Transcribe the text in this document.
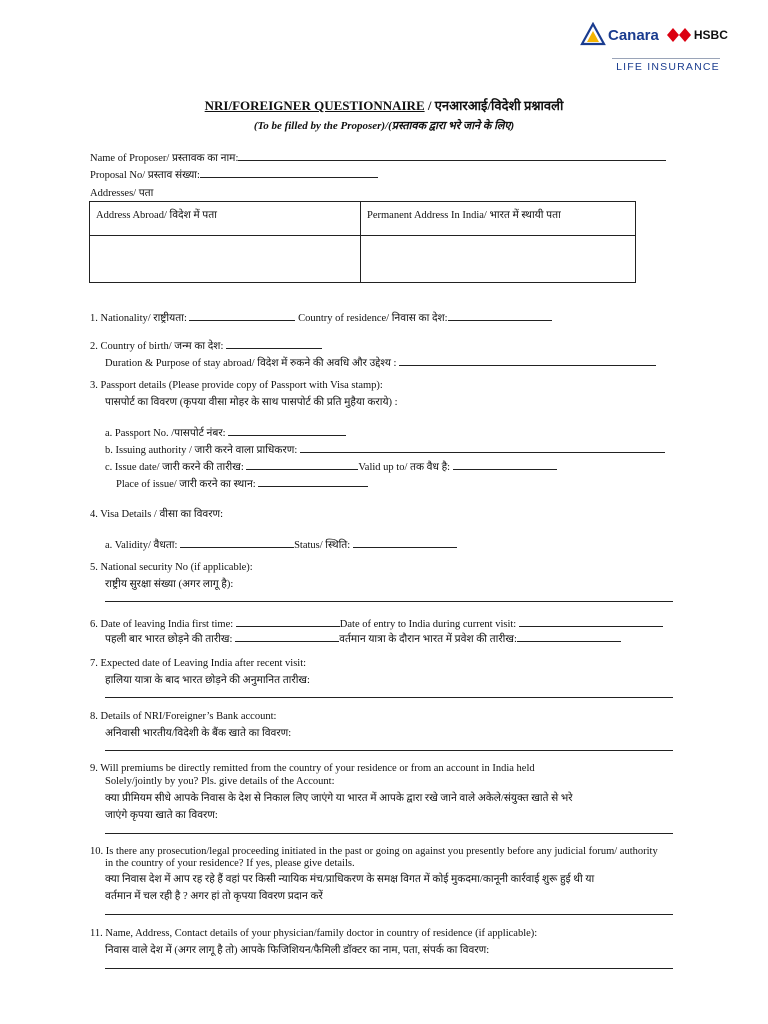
Canara	HSBC
LIFE INSURANCE
NRI/FOREIGNER QUESTIONNAIRE / एनआरआई/विदेशी प्रश्नावली
(To be filled by the Proposer)/(प्रस्तावक द्वारा भरे जाने के लिए)
Name of Proposer/ प्रस्तावक का नाम:
Proposal No/ प्रस्ताव संख्या:
Addresses/ पता
Address Abroad/ विदेश में पता	Permanent Address In India/ भारत में स्थायी पता
1. Nationality/ राष्ट्रीयता:	Country of residence/ निवास का देश:
2. Country of birth/ जन्म का देश:
Duration & Purpose of stay abroad/ विदेश में रुकने की अवधि और उद्देश्य :
3. Passport details (Please provide copy of Passport with Visa stamp):
पासपोर्ट का विवरण (कृपया वीसा मोहर के साथ पासपोर्ट की प्रति मुहैया कराये) :
a. Passport No. /पासपोर्ट नंबर:
b. Issuing authority / जारी करने वाला प्राधिकरण:
c. Issue date/ जारी करने की तारीख:	Valid up to/ तक वैध है:
Place of issue/ जारी करने का स्थान:
4. Visa Details / वीसा का विवरण:
a. Validity/ वैधता:	Status/ स्थिति:
5. National security No (if applicable):
राष्ट्रीय सुरक्षा संख्या (अगर लागू है):
6. Date of leaving India first time:	Date of entry to India during current visit:
पहली बार भारत छोड़ने की तारीख:	वर्तमान यात्रा के दौरान भारत में प्रवेश की तारीख:
7. Expected date of Leaving India after recent visit:
हालिया यात्रा के बाद भारत छोड़ने की अनुमानित तारीख:
8. Details of NRI/Foreigner’s Bank account:
अनिवासी भारतीय/विदेशी के बैंक खाते का विवरण:
9. Will premiums be directly remitted from the country of your residence or from an account in India held
Solely/jointly by you? Pls. give details of the Account:
क्या प्रीमियम सीधे आपके निवास के देश से निकाल लिए जाएंगे या भारत में आपके द्वारा रखे जाने वाले अकेले/संयुक्त खाते से भरे
जाएंगे कृपया खाते का विवरण:
10. Is there any prosecution/legal proceeding initiated in the past or going on against you presently before any judicial forum/ authority
in the country of your residence? If yes, please give details.
क्या निवास देश में आप रह रहे हैं वहां पर किसी न्यायिक मंच/प्राधिकरण के समक्ष विगत में कोई मुकदमा/कानूनी कार्रवाई शुरू हुई थी या
वर्तमान में चल रही है ? अगर हां तो कृपया विवरण प्रदान करें
11. Name, Address, Contact details of your physician/family doctor in country of residence (if applicable):
निवास वाले देश में (अगर लागू है तो) आपके फिजिशियन/फैमिली डॉक्टर का नाम, पता, संपर्क का विवरण:
